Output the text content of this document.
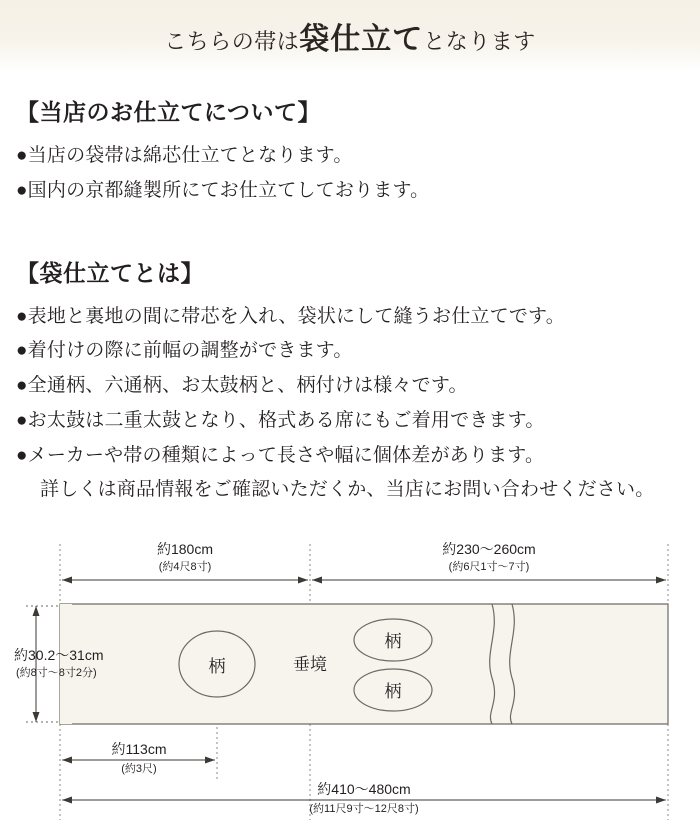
こちらの帯は袋仕立てとなります
【当店のお仕立てについて】

●当店の袋帯は綿芯仕立てとなります。

●国内の京都縫製所にてお仕立てしております。

【袋仕立てとは】

●表地と裏地の間に帯芯を入れ、袋状にして縫うお仕立てです。

●着付けの際に前幅の調整ができます。

●全通柄、六通柄、お太鼓柄と、柄付けは様々です。

●お太鼓は二重太鼓となり、格式ある席にもご着用できます。

●メーカーや帯の種類によって長さや幅に個体差があります。

詳しくは商品情報をご確認いただくか、当店にお問い合わせください。

約180cm
(約4尺8寸)
約230〜260cm
(約6尺1寸〜7寸)
柄
柄
柄
垂境
約30.2〜31cm
(約8寸〜8寸2分)
約113cm
(約3尺)
約410〜480cm
(約11尺9寸〜12尺8寸)
